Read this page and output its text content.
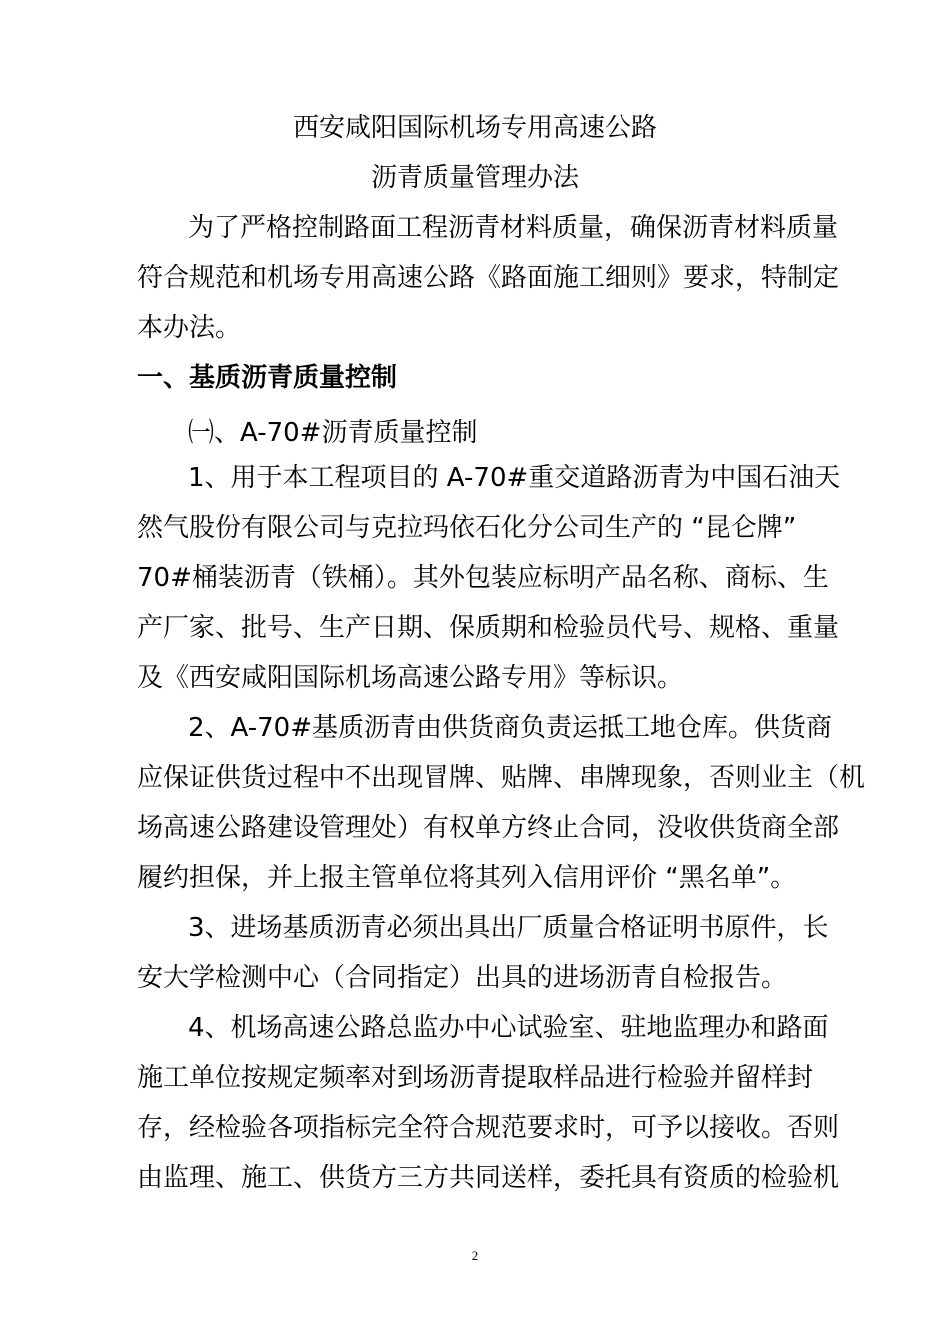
西安咸阳国际机场专用高速公路
沥青质量管理办法
为了严格控制路面工程沥青材料质量，确保沥青材料质量
符合规范和机场专用高速公路《路面施工细则》要求，特制定
本办法。
一、基质沥青质量控制
㈠、A-70#沥青质量控制
1、用于本工程项目的 A-70#重交道路沥青为中国石油天
然气股份有限公司与克拉玛依石化分公司生产的 “昆仑牌”
70#桶装沥青（铁桶）。其外包装应标明产品名称、商标、生
产厂家、批号、生产日期、保质期和检验员代号、规格、重量
及《西安咸阳国际机场高速公路专用》等标识。
2、A-70#基质沥青由供货商负责运抵工地仓库。供货商
应保证供货过程中不出现冒牌、贴牌、串牌现象，否则业主（机
场高速公路建设管理处）有权单方终止合同，没收供货商全部
履约担保，并上报主管单位将其列入信用评价 “黑名单”。
3、进场基质沥青必须出具出厂质量合格证明书原件，长
安大学检测中心（合同指定）出具的进场沥青自检报告。
4、机场高速公路总监办中心试验室、驻地监理办和路面
施工单位按规定频率对到场沥青提取样品进行检验并留样封
存，经检验各项指标完全符合规范要求时，可予以接收。否则
由监理、施工、供货方三方共同送样，委托具有资质的检验机
2
